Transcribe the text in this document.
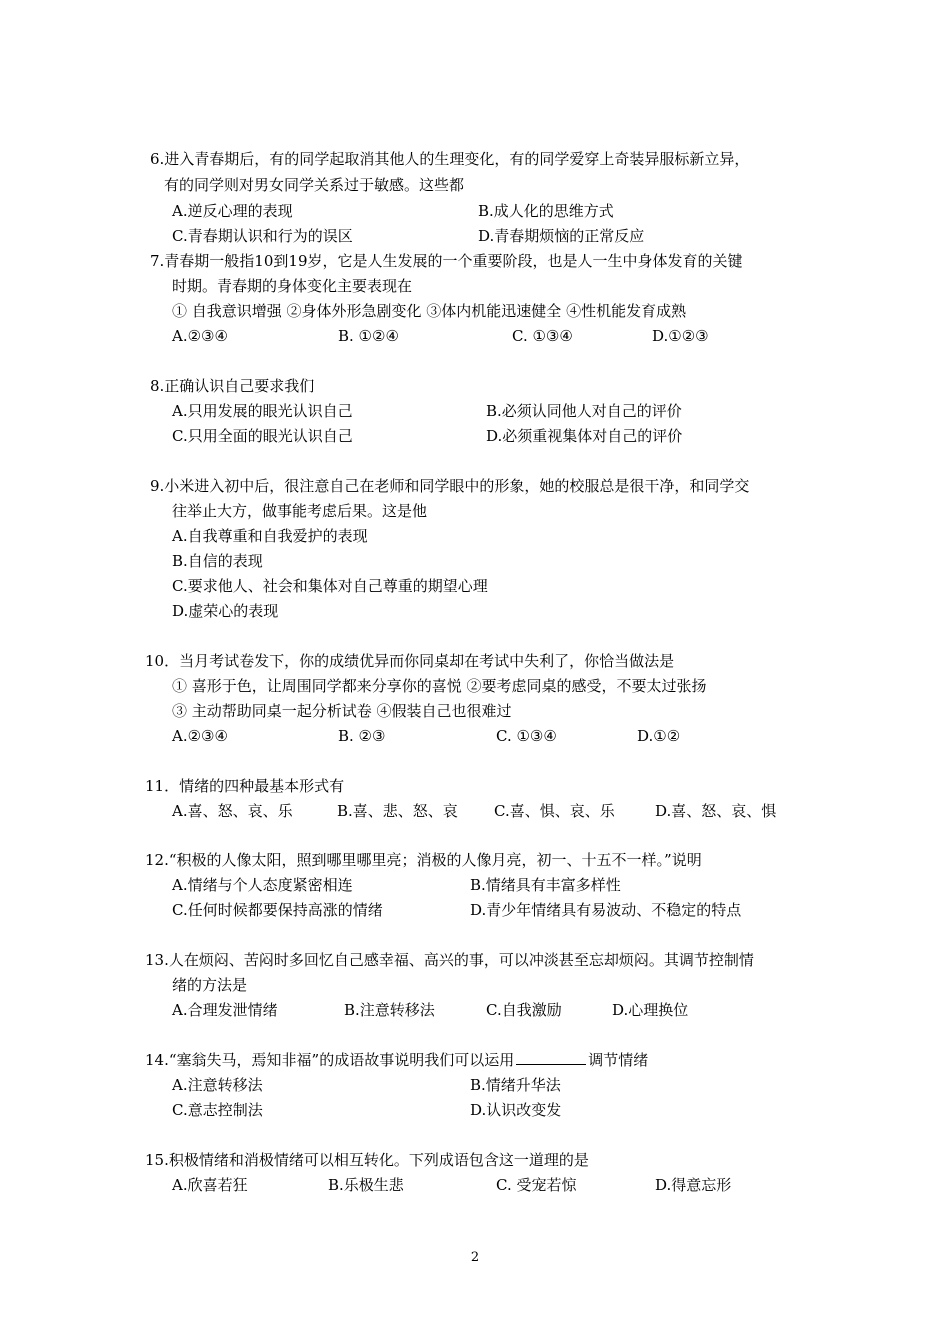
6.进入青春期后，有的同学起取消其他人的生理变化，有的同学爱穿上奇装异服标新立异，
有的同学则对男女同学关系过于敏感。这些都
A.逆反心理的表现	B.成人化的思维方式
C.青春期认识和行为的误区	D.青春期烦恼的正常反应
7.青春期一般指10到19岁，它是人生发展的一个重要阶段，也是人一生中身体发育的关键
时期。青春期的身体变化主要表现在
① 自我意识增强 ②身体外形急剧变化 ③体内机能迅速健全 ④性机能发育成熟
A.②③④	B. ①②④	C. ①③④	D.①②③
8.正确认识自己要求我们
A.只用发展的眼光认识自己	B.必须认同他人对自己的评价
C.只用全面的眼光认识自己	D.必须重视集体对自己的评价
9.小米进入初中后，很注意自己在老师和同学眼中的形象，她的校服总是很干净，和同学交
往举止大方，做事能考虑后果。这是他
A.自我尊重和自我爱护的表现
B.自信的表现
C.要求他人、社会和集体对自己尊重的期望心理
D.虚荣心的表现
10．当月考试卷发下，你的成绩优异而你同桌却在考试中失利了，你恰当做法是
① 喜形于色，让周围同学都来分享你的喜悦 ②要考虑同桌的感受，不要太过张扬
③ 主动帮助同桌一起分析试卷 ④假装自己也很难过
A.②③④	B. ②③	C. ①③④	D.①②
11．情绪的四种最基本形式有
A.喜、怒、哀、乐	B.喜、悲、怒、哀 C.喜、惧、哀、乐	D.喜、怒、哀、惧
12.“积极的人像太阳，照到哪里哪里亮；消极的人像月亮，初一、十五不一样。”说明
A.情绪与个人态度紧密相连	B.情绪具有丰富多样性
C.任何时候都要保持高涨的情绪	D.青少年情绪具有易波动、不稳定的特点
13.人在烦闷、苦闷时多回忆自己感幸福、高兴的事，可以冲淡甚至忘却烦闷。其调节控制情
绪的方法是
A.合理发泄情绪	B.注意转移法	C.自我激励	D.心理换位
14.“塞翁失马，焉知非福”的成语故事说明我们可以运用	调节情绪
A.注意转移法	B.情绪升华法
C.意志控制法	D.认识改变发
15.积极情绪和消极情绪可以相互转化。下列成语包含这一道理的是
A.欣喜若狂	B.乐极生悲	C. 受宠若惊	D.得意忘形
2
